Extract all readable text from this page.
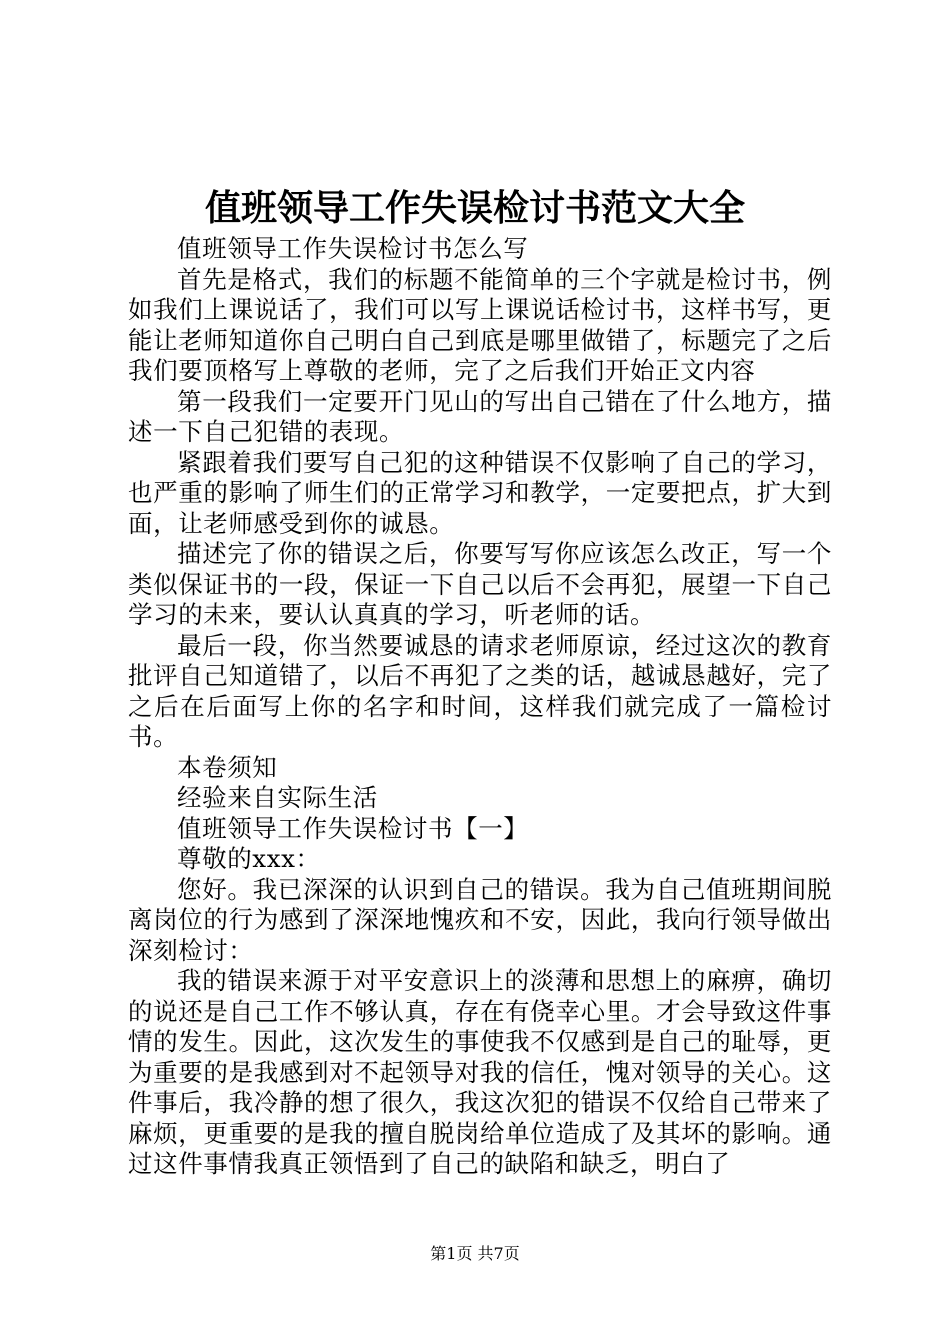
值班领导工作失误检讨书范文大全

值班领导工作失误检讨书怎么写

首先是格式，我们的标题不能简单的三个字就是检讨书，例如我们上课说话了，我们可以写上课说话检讨书，这样书写，更能让老师知道你自己明白自己到底是哪里做错了，标题完了之后我们要顶格写上尊敬的老师，完了之后我们开始正文内容

第一段我们一定要开门见山的写出自己错在了什么地方，描述一下自己犯错的表现。

紧跟着我们要写自己犯的这种错误不仅影响了自己的学习，也严重的影响了师生们的正常学习和教学，一定要把点，扩大到面，让老师感受到你的诚恳。

描述完了你的错误之后，你要写写你应该怎么改正，写一个类似保证书的一段，保证一下自己以后不会再犯，展望一下自己学习的未来，要认认真真的学习，听老师的话。

最后一段，你当然要诚恳的请求老师原谅，经过这次的教育批评自己知道错了，以后不再犯了之类的话，越诚恳越好，完了之后在后面写上你的名字和时间，这样我们就完成了一篇检讨书。

本卷须知

经验来自实际生活

值班领导工作失误检讨书【一】

尊敬的xxx：

您好。我已深深的认识到自己的错误。我为自己值班期间脱离岗位的行为感到了深深地愧疚和不安，因此，我向行领导做出深刻检讨：

我的错误来源于对平安意识上的淡薄和思想上的麻痹，确切的说还是自己工作不够认真，存在有侥幸心里。才会导致这件事情的发生。因此，这次发生的事使我不仅感到是自己的耻辱，更为重要的是我感到对不起领导对我的信任，愧对领导的关心。这件事后，我冷静的想了很久，我这次犯的错误不仅给自己带来了麻烦，更重要的是我的擅自脱岗给单位造成了及其坏的影响。通过这件事情我真正领悟到了自己的缺陷和缺乏，明白了

第1页 共7页
